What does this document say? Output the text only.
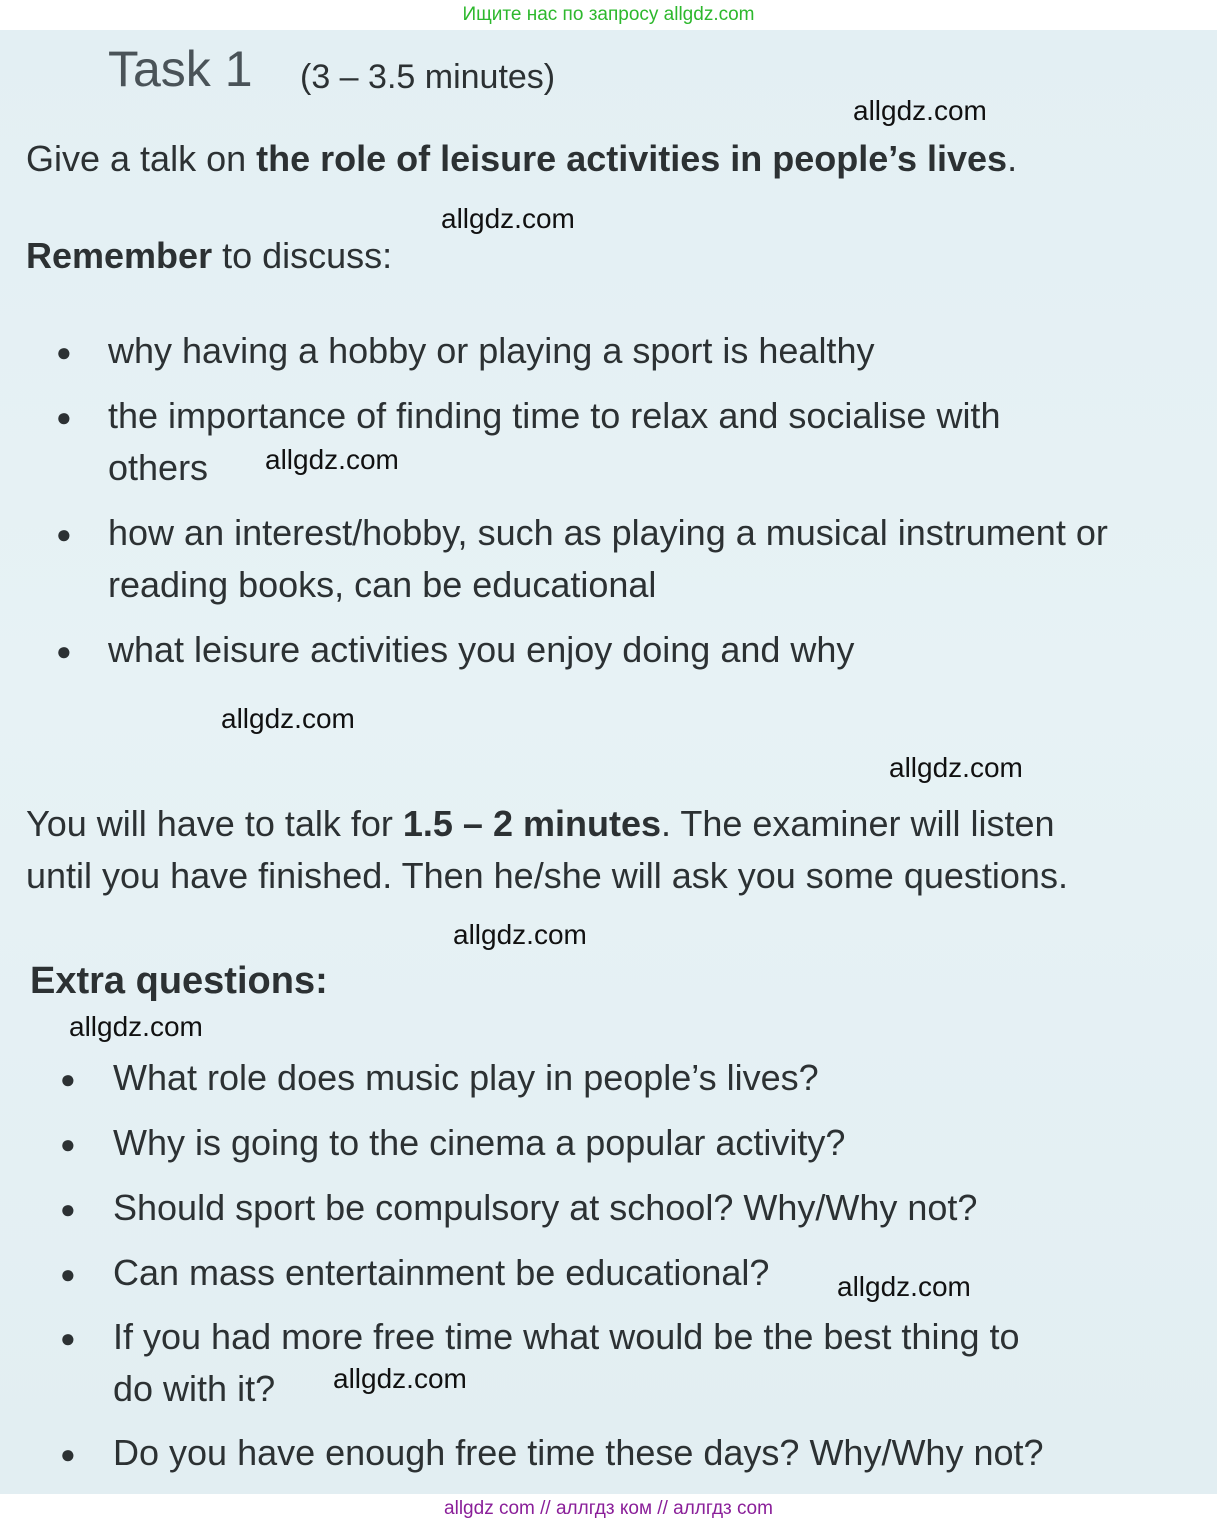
Ищите нас по запросу allgdz.com
Task 1 (3 – 3.5 minutes)
Give a talk on the role of leisure activities in people’s lives.
Remember to discuss:
● why having a hobby or playing a sport is healthy
● the importance of finding time to relax and socialise with
others
● how an interest/hobby, such as playing a musical instrument or
reading books, can be educational
● what leisure activities you enjoy doing and why
You will have to talk for 1.5 – 2 minutes. The examiner will listen
until you have finished. Then he/she will ask you some questions.
Extra questions:
● What role does music play in people’s lives?
● Why is going to the cinema a popular activity?
● Should sport be compulsory at school? Why/Why not?
● Can mass entertainment be educational?
● If you had more free time what would be the best thing to
do with it?
● Do you have enough free time these days? Why/Why not?
allgdz.com
allgdz.com
allgdz.com
allgdz.com
allgdz.com
allgdz.com
allgdz.com
allgdz.com
allgdz.com
allgdz com // аллгдз ком // аллгдз com
